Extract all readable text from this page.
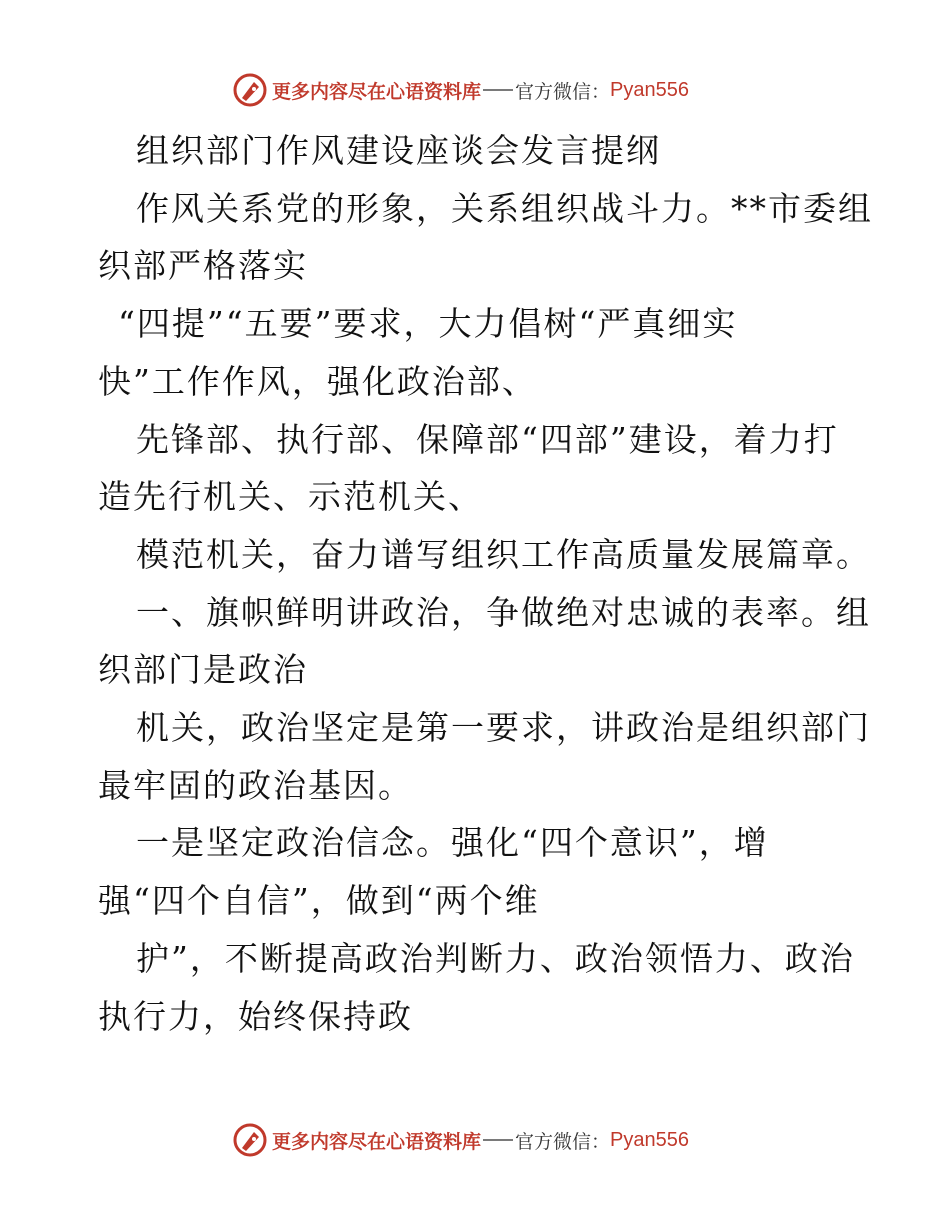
更多内容尽在心语资料库 官方微信： Pyan556
组织部门作风建设座谈会发言提纲
作风关系党的形象，关系组织战斗力。**市委组
织部严格落实
“四提”“五要”要求，大力倡树“严真细实
快”工作作风，强化政治部、
先锋部、执行部、保障部“四部”建设，着力打
造先行机关、示范机关、
模范机关，奋力谱写组织工作高质量发展篇章。
一、旗帜鲜明讲政治，争做绝对忠诚的表率。组
织部门是政治
机关，政治坚定是第一要求，讲政治是组织部门
最牢固的政治基因。
一是坚定政治信念。强化“四个意识”，增
强“四个自信”，做到“两个维
护”，不断提高政治判断力、政治领悟力、政治
执行力，始终保持政
更多内容尽在心语资料库 官方微信： Pyan556
